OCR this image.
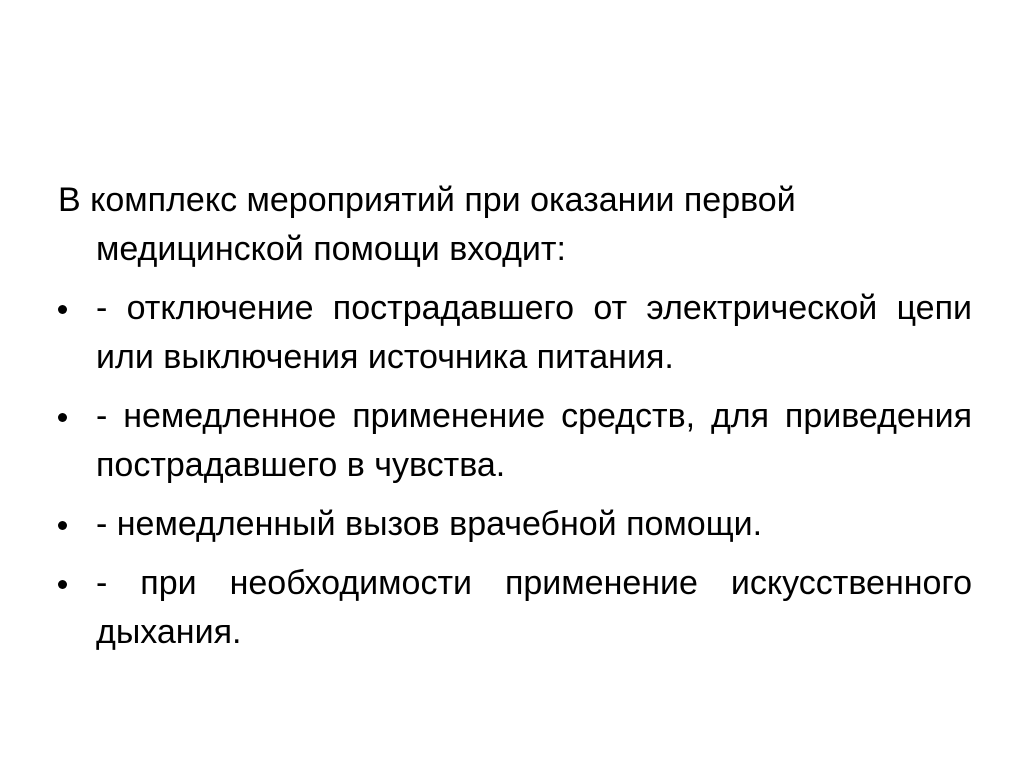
В комплекс мероприятий при оказании первой медицинской помощи входит:

- отключение пострадавшего от электрической цепи или выключения источника питания.
- немедленное применение средств, для приведения пострадавшего в чувства.
- немедленный вызов врачебной помощи.
- при необходимости применение искусственного дыхания.
